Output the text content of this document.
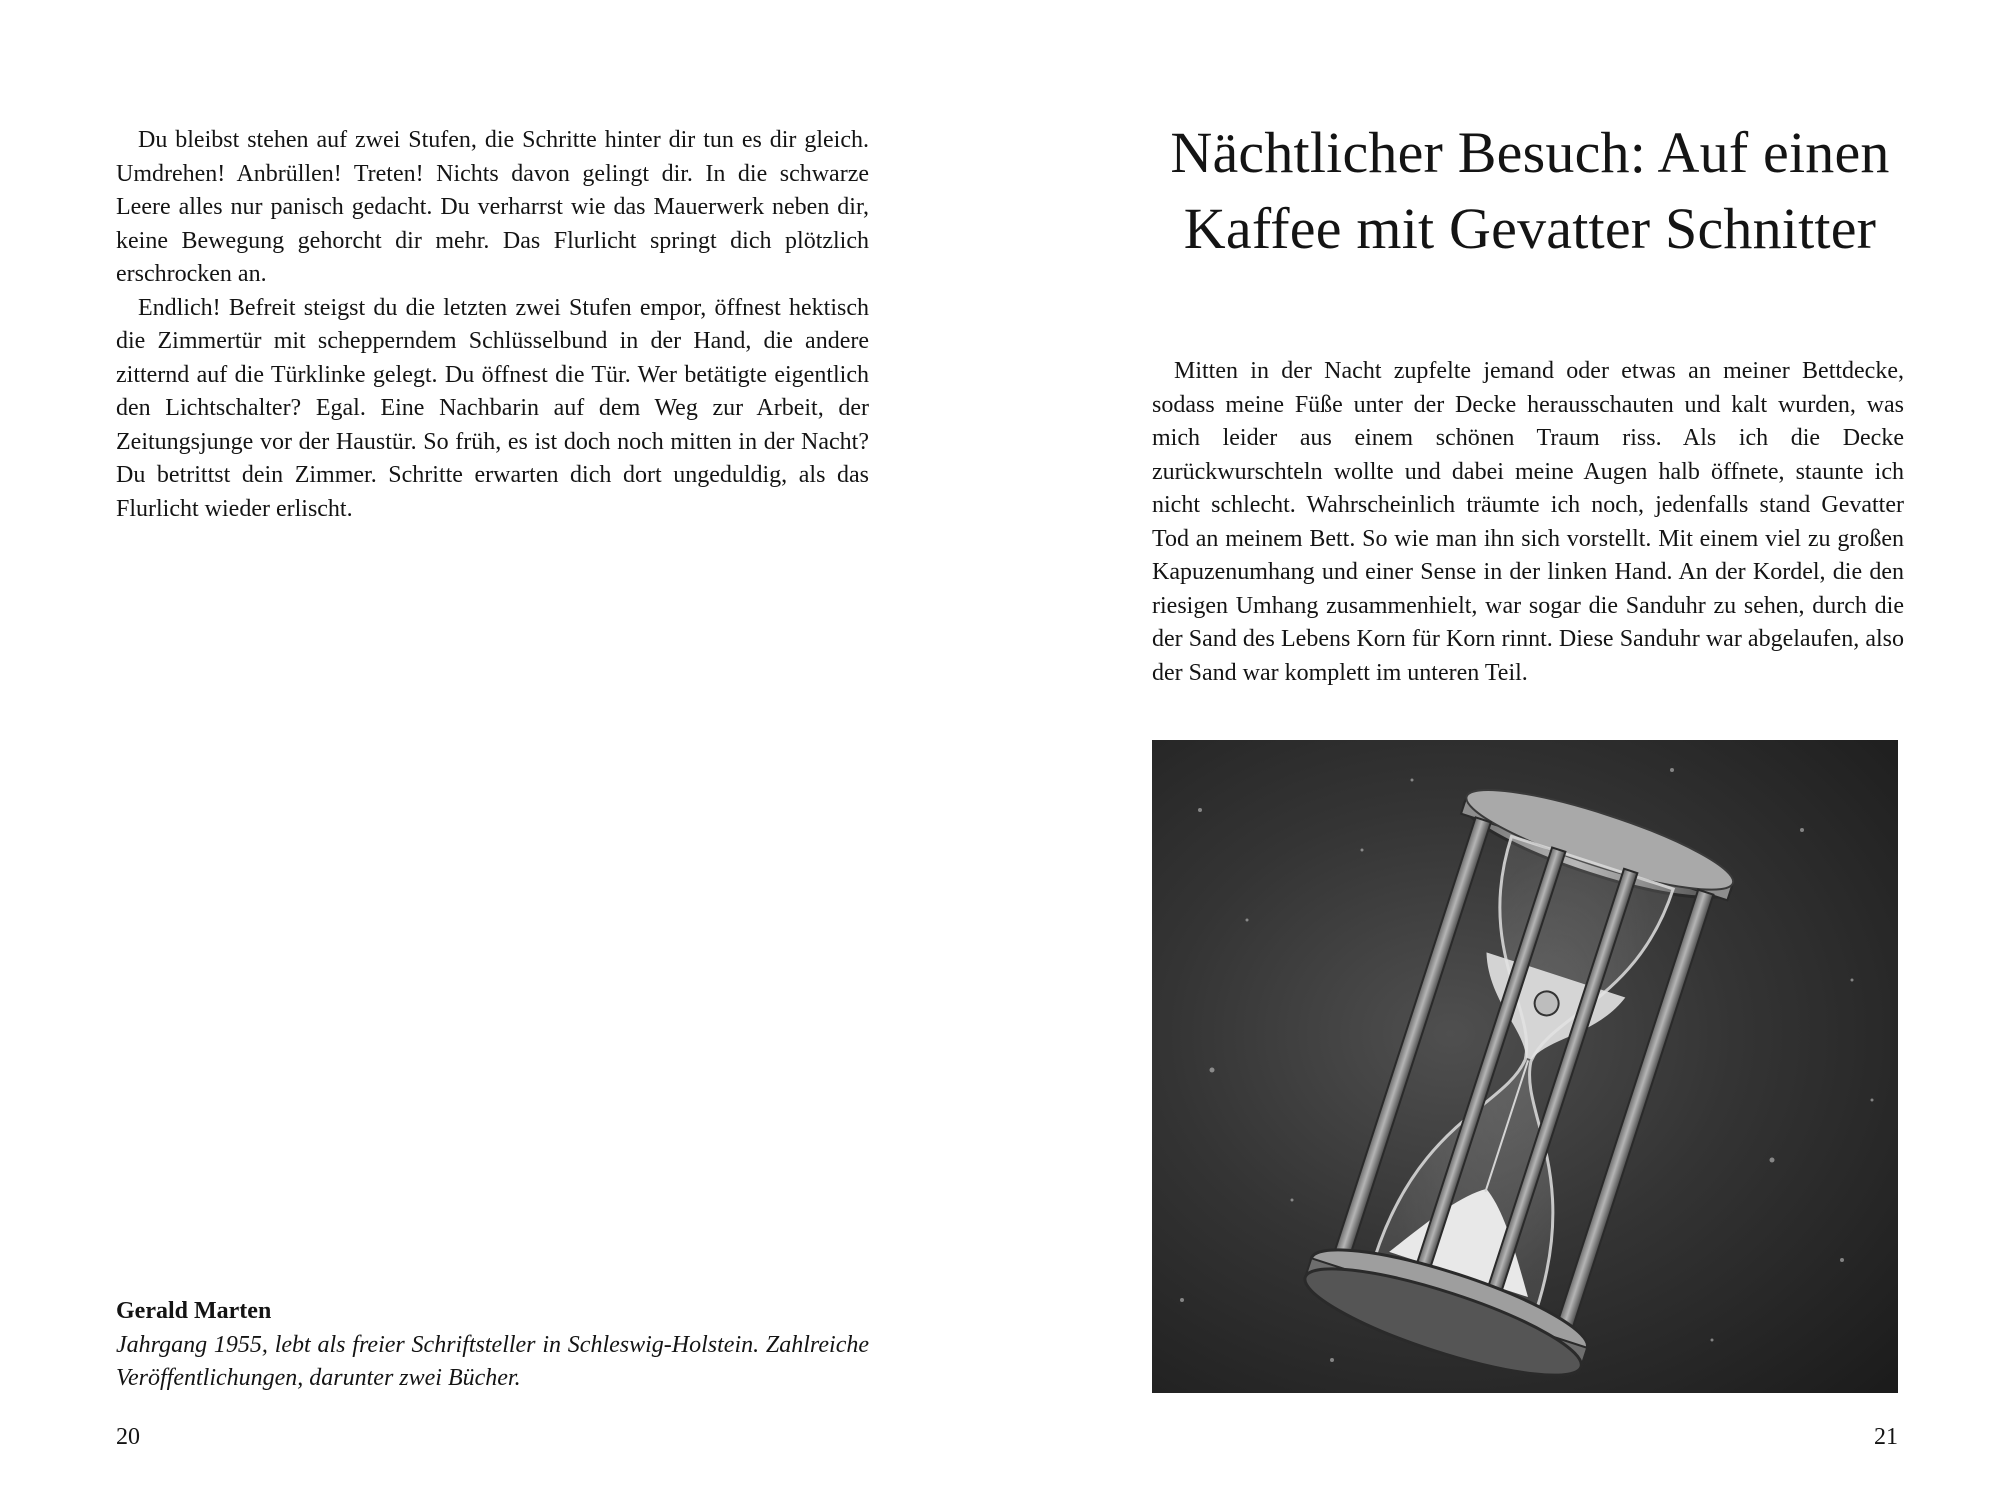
Du bleibst stehen auf zwei Stufen, die Schritte hinter dir tun es dir gleich. Umdrehen! Anbrüllen! Treten! Nichts davon gelingt dir. In die schwarze Leere alles nur panisch gedacht. Du verharrst wie das Mauerwerk neben dir, keine Bewegung gehorcht dir mehr. Das Flurlicht springt dich plötzlich erschrocken an.

Endlich! Befreit steigst du die letzten zwei Stufen empor, öffnest hektisch die Zimmertür mit schepperndem Schlüsselbund in der Hand, die andere zitternd auf die Türklinke gelegt. Du öffnest die Tür. Wer betätigte eigentlich den Lichtschalter? Egal. Eine Nachbarin auf dem Weg zur Arbeit, der Zeitungsjunge vor der Haustür. So früh, es ist doch noch mitten in der Nacht? Du betrittst dein Zimmer. Schritte erwarten dich dort ungeduldig, als das Flurlicht wieder erlischt.

Gerald Marten
Jahrgang 1955, lebt als freier Schriftsteller in Schleswig-Holstein. Zahlreiche Veröffentlichungen, darunter zwei Bücher.
20
Nächtlicher Besuch: Auf einen
Kaffee mit Gevatter Schnitter

Mitten in der Nacht zupfelte jemand oder etwas an meiner Bettdecke, sodass meine Füße unter der Decke herausschauten und kalt wurden, was mich leider aus einem schönen Traum riss. Als ich die Decke zurückwurschteln wollte und dabei meine Augen halb öffnete, staunte ich nicht schlecht. Wahrscheinlich träumte ich noch, jedenfalls stand Gevatter Tod an meinem Bett. So wie man ihn sich vorstellt. Mit einem viel zu großen Kapuzenumhang und einer Sense in der linken Hand. An der Kordel, die den riesigen Umhang zusammenhielt, war sogar die Sanduhr zu sehen, durch die der Sand des Lebens Korn für Korn rinnt. Diese Sanduhr war abgelaufen, also der Sand war komplett im unteren Teil.

21
